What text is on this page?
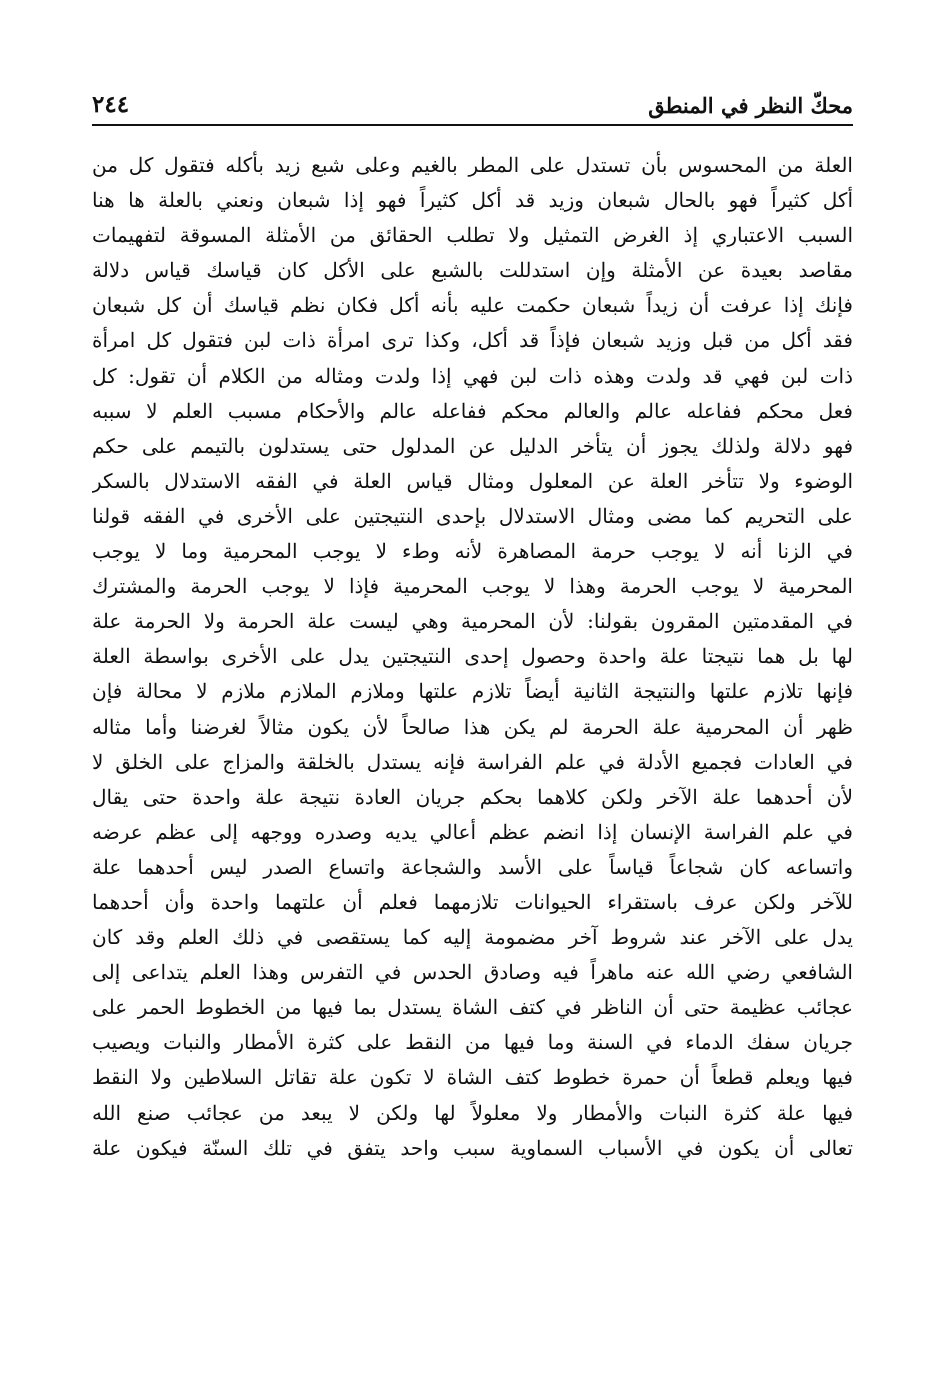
محكّ النظر في المنطق
٢٤٤
العلة من المحسوس بأن تستدل على المطر بالغيم وعلى شبع زيد بأكله فتقول كل من
أكل كثيراً فهو بالحال شبعان وزيد قد أكل كثيراً فهو إذا شبعان ونعني بالعلة ها هنا
السبب الاعتباري إذ الغرض التمثيل ولا تطلب الحقائق من الأمثلة المسوقة لتفهيمات
مقاصد بعيدة عن الأمثلة وإن استدللت بالشبع على الأكل كان قياسك قياس دلالة
فإنك إذا عرفت أن زيداً شبعان حكمت عليه بأنه أكل فكان نظم قياسك أن كل شبعان
فقد أكل من قبل وزيد شبعان فإذاً قد أكل، وكذا ترى امرأة ذات لبن فتقول كل امرأة
ذات لبن فهي قد ولدت وهذه ذات لبن فهي إذا ولدت ومثاله من الكلام أن تقول: كل
فعل محكم ففاعله عالم والعالم محكم ففاعله عالم والأحكام مسبب العلم لا سببه
فهو دلالة ولذلك يجوز أن يتأخر الدليل عن المدلول حتى يستدلون بالتيمم على حكم
الوضوء ولا تتأخر العلة عن المعلول ومثال قياس العلة في الفقه الاستدلال بالسكر
على التحريم كما مضى ومثال الاستدلال بإحدى النتيجتين على الأخرى في الفقه قولنا
في الزنا أنه لا يوجب حرمة المصاهرة لأنه وطء لا يوجب المحرمية وما لا يوجب
المحرمية لا يوجب الحرمة وهذا لا يوجب المحرمية فإذا لا يوجب الحرمة والمشترك
في المقدمتين المقرون بقولنا: لأن المحرمية وهي ليست علة الحرمة ولا الحرمة علة
لها بل هما نتيجتا علة واحدة وحصول إحدى النتيجتين يدل على الأخرى بواسطة العلة
فإنها تلازم علتها والنتيجة الثانية أيضاً تلازم علتها وملازم الملازم ملازم لا محالة فإن
ظهر أن المحرمية علة الحرمة لم يكن هذا صالحاً لأن يكون مثالاً لغرضنا وأما مثاله
في العادات فجميع الأدلة في علم الفراسة فإنه يستدل بالخلقة والمزاج على الخلق لا
لأن أحدهما علة الآخر ولكن كلاهما بحكم جريان العادة نتيجة علة واحدة حتى يقال
في علم الفراسة الإنسان إذا انضم عظم أعالي يديه وصدره ووجهه إلى عظم عرضه
واتساعه كان شجاعاً قياساً على الأسد والشجاعة واتساع الصدر ليس أحدهما علة
للآخر ولكن عرف باستقراء الحيوانات تلازمهما فعلم أن علتهما واحدة وأن أحدهما
يدل على الآخر عند شروط آخر مضمومة إليه كما يستقصى في ذلك العلم وقد كان
الشافعي رضي الله عنه ماهراً فيه وصادق الحدس في التفرس وهذا العلم يتداعى إلى
عجائب عظيمة حتى أن الناظر في كتف الشاة يستدل بما فيها من الخطوط الحمر على
جريان سفك الدماء في السنة وما فيها من النقط على كثرة الأمطار والنبات ويصيب
فيها ويعلم قطعاً أن حمرة خطوط كتف الشاة لا تكون علة تقاتل السلاطين ولا النقط
فيها علة كثرة النبات والأمطار ولا معلولاً لها ولكن لا يبعد من عجائب صنع الله
تعالى أن يكون في الأسباب السماوية سبب واحد يتفق في تلك السنّة فيكون علة
